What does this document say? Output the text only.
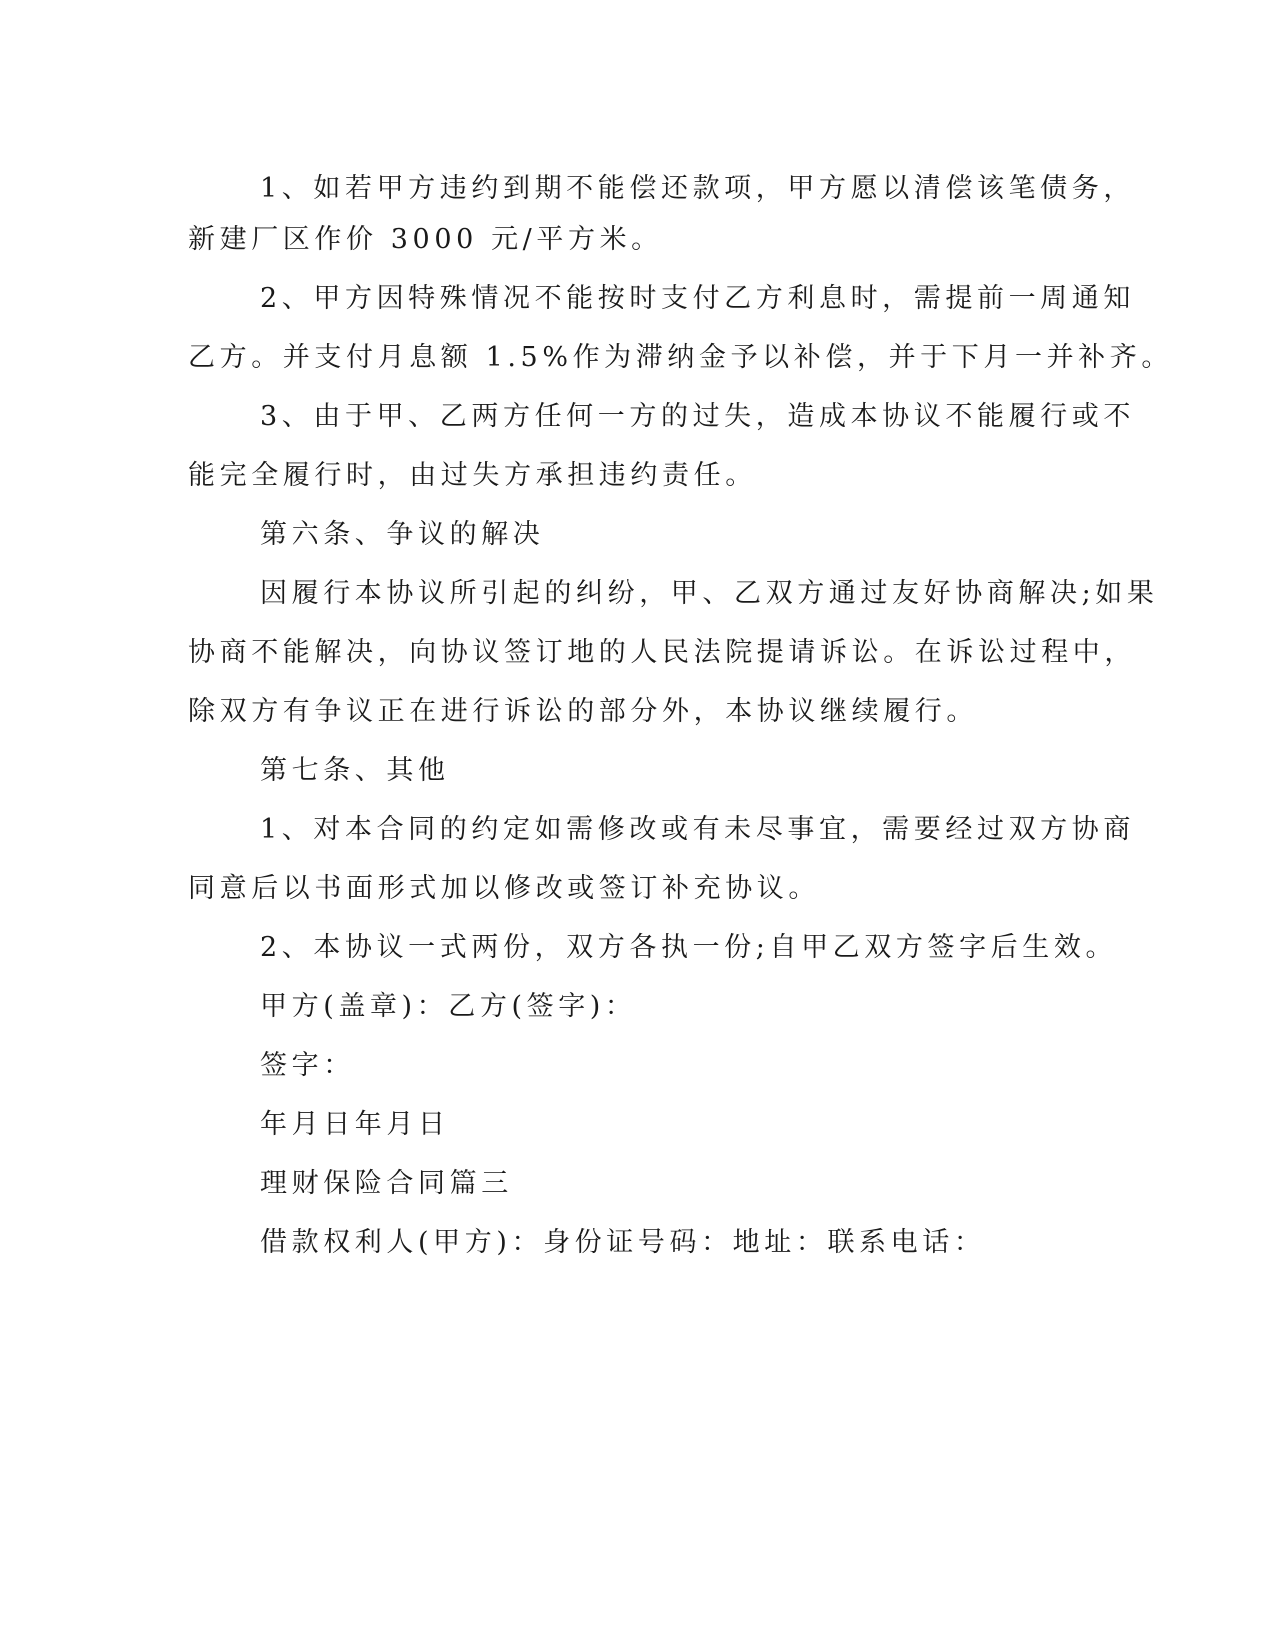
1、如若甲方违约到期不能偿还款项，甲方愿以清偿该笔债务，

新建厂区作价 3000 元/平方米。

2、甲方因特殊情况不能按时支付乙方利息时，需提前一周通知

乙方。并支付月息额 1.5%作为滞纳金予以补偿，并于下月一并补齐。

3、由于甲、乙两方任何一方的过失，造成本协议不能履行或不

能完全履行时，由过失方承担违约责任。

第六条、争议的解决

因履行本协议所引起的纠纷，甲、乙双方通过友好协商解决;如果

协商不能解决，向协议签订地的人民法院提请诉讼。在诉讼过程中，

除双方有争议正在进行诉讼的部分外，本协议继续履行。

第七条、其他

1、对本合同的约定如需修改或有未尽事宜，需要经过双方协商

同意后以书面形式加以修改或签订补充协议。

2、本协议一式两份，双方各执一份;自甲乙双方签字后生效。

甲方(盖章)：乙方(签字)：

签字：

年月日年月日

理财保险合同篇三

借款权利人(甲方)：身份证号码：地址：联系电话：
